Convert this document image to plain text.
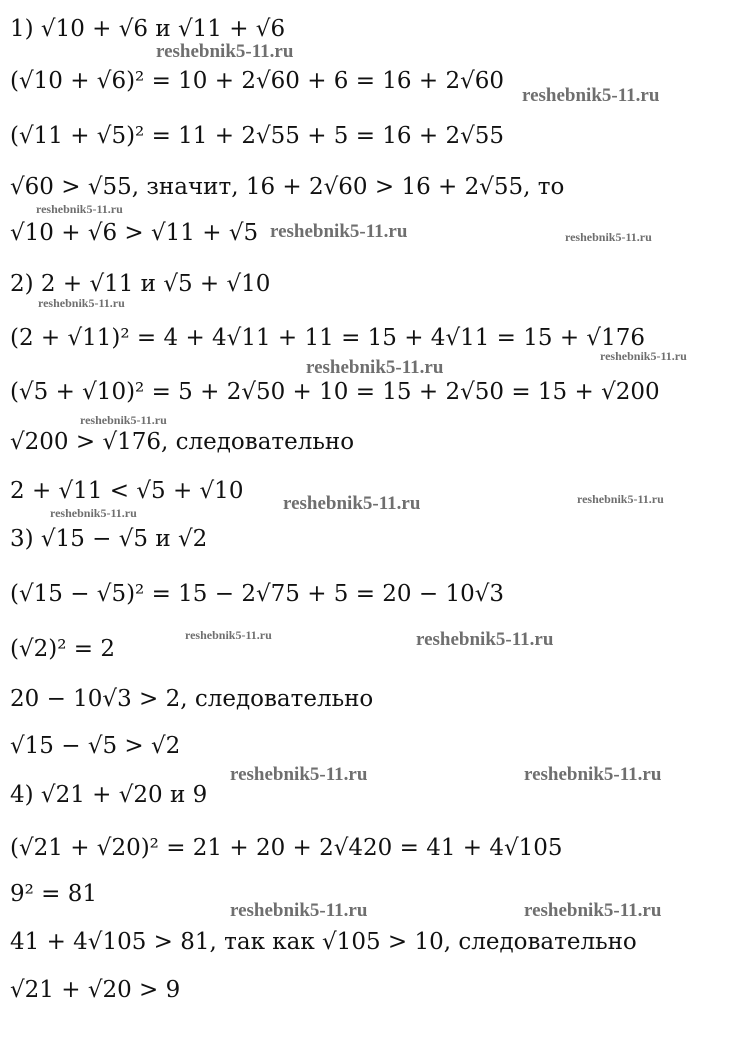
1) √10 + √6 и √11 + √6
(√10 + √6)² = 10 + 2√60 + 6 = 16 + 2√60
(√11 + √5)² = 11 + 2√55 + 5 = 16 + 2√55
√60 > √55, значит, 16 + 2√60 > 16 + 2√55, то
√10 + √6 > √11 + √5
2) 2 + √11 и √5 + √10
(2 + √11)² = 4 + 4√11 + 11 = 15 + 4√11 = 15 + √176
(√5 + √10)² = 5 + 2√50 + 10 = 15 + 2√50 = 15 + √200
√200 > √176, следовательно
2 + √11 < √5 + √10
3) √15 − √5 и √2
(√15 − √5)² = 15 − 2√75 + 5 = 20 − 10√3
(√2)² = 2
20 − 10√3 > 2, следовательно
√15 − √5 > √2
4) √21 + √20 и 9
(√21 + √20)² = 21 + 20 + 2√420 = 41 + 4√105
9² = 81
41 + 4√105 > 81, так как √105 > 10, следовательно
√21 + √20 > 9
reshebnik5-11.ru
reshebnik5-11.ru
reshebnik5-11.ru
reshebnik5-11.ru	reshebnik5-11.ru
reshebnik5-11.ru
reshebnik5-11.ru
reshebnik5-11.ru
reshebnik5-11.ru
reshebnik5-11.ru	reshebnik5-11.ru
reshebnik5-11.ru
reshebnik5-11.ru	reshebnik5-11.ru
reshebnik5-11.ru	reshebnik5-11.ru
reshebnik5-11.ru	reshebnik5-11.ru
